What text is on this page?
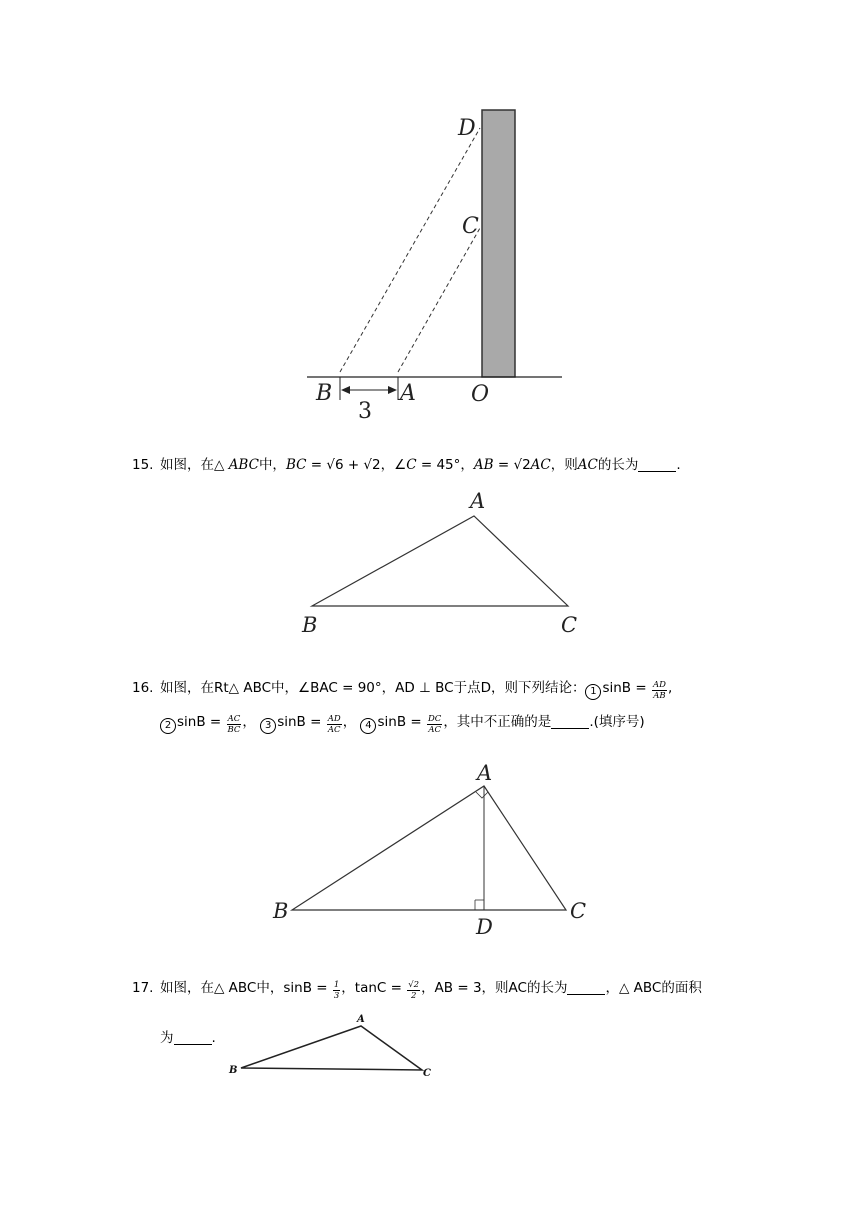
D
C
B	A	O
3
A
B	C
A
B	C
D
A
B	C
15. 如图，在△ ABC中，BC = √6 + √2，∠C = 45°，AB = √2AC，则AC的长为	.
16. 如图，在Rt△ ABC中，∠BAC = 90°，AD ⊥ BC于点D，则下列结论： 1 $\sin B = \frac{AD}{AB}$ ,
2 $\sin B = \frac{AC}{BC}$ ， 3 $\sin B = \frac{AD}{AC}$ ， 4 $\sin B = \frac{DC}{AC}$ ，其中不正确的是	.(填序号)
17. 如图，在△ ABC中，$\sin B = \frac{1}{3}$ ，$\tan C = \frac{√2}{2}$ ，AB = 3，则AC的长为	，△ ABC的面积
为	.
